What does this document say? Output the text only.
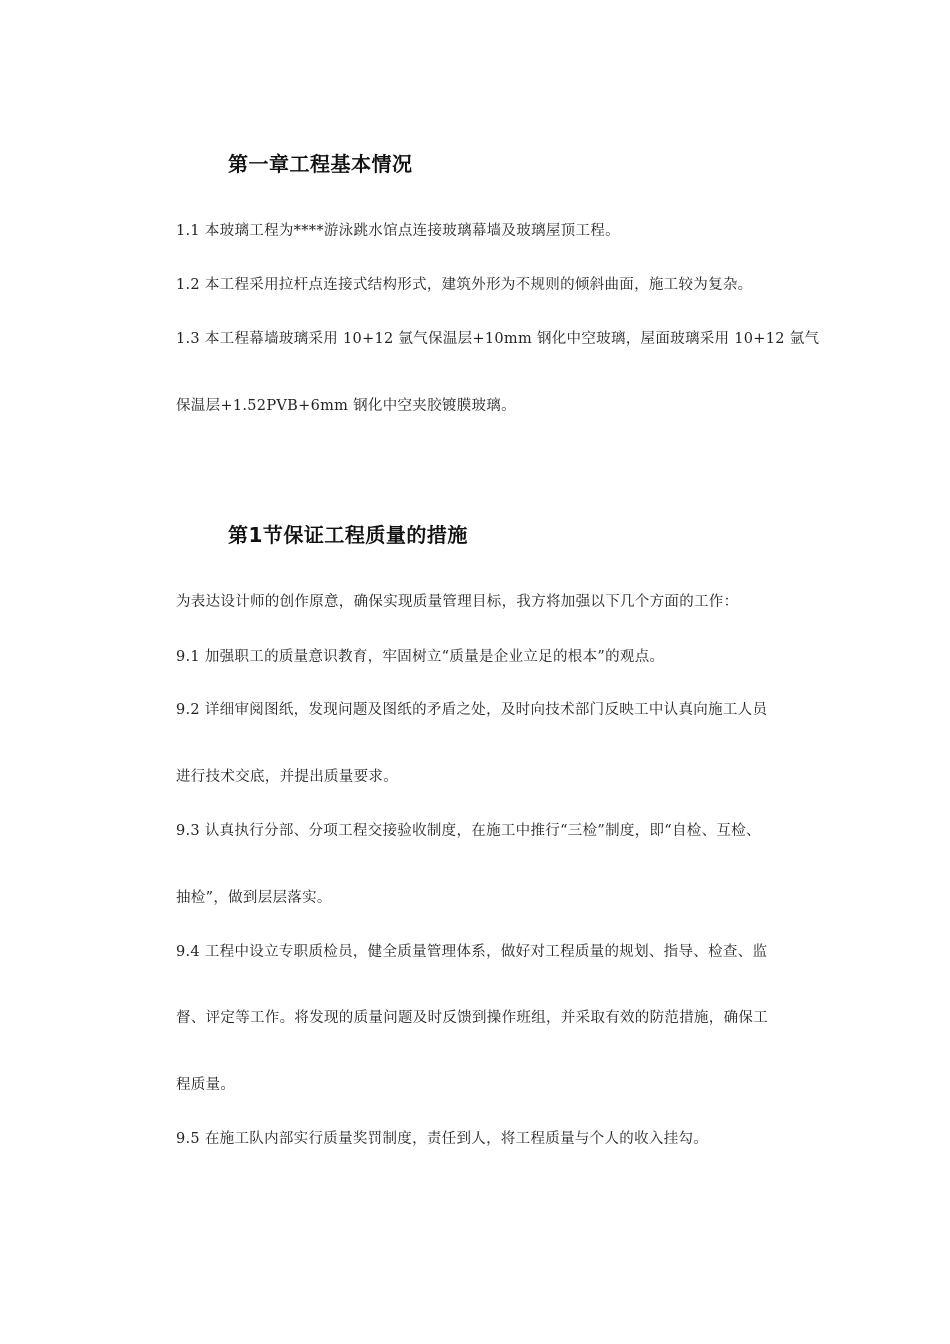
第一章工程基本情况
1.1 本玻璃工程为****游泳跳水馆点连接玻璃幕墙及玻璃屋顶工程。
1.2 本工程采用拉杆点连接式结构形式，建筑外形为不规则的倾斜曲面，施工较为复杂。
1.3 本工程幕墙玻璃采用 10+12 氩气保温层+10mm 钢化中空玻璃，屋面玻璃采用 10+12 氩气
保温层+1.52PVB+6mm 钢化中空夹胶镀膜玻璃。
第1节保证工程质量的措施
为表达设计师的创作原意，确保实现质量管理目标，我方将加强以下几个方面的工作：
9.1 加强职工的质量意识教育，牢固树立“质量是企业立足的根本”的观点。
9.2 详细审阅图纸，发现问题及图纸的矛盾之处，及时向技术部门反映工中认真向施工人员
进行技术交底，并提出质量要求。
9.3 认真执行分部、分项工程交接验收制度，在施工中推行“三检”制度，即“自检、互检、
抽检”，做到层层落实。
9.4 工程中设立专职质检员，健全质量管理体系，做好对工程质量的规划、指导、检查、监
督、评定等工作。将发现的质量问题及时反馈到操作班组，并采取有效的防范措施，确保工
程质量。
9.5 在施工队内部实行质量奖罚制度，责任到人，将工程质量与个人的收入挂勾。
